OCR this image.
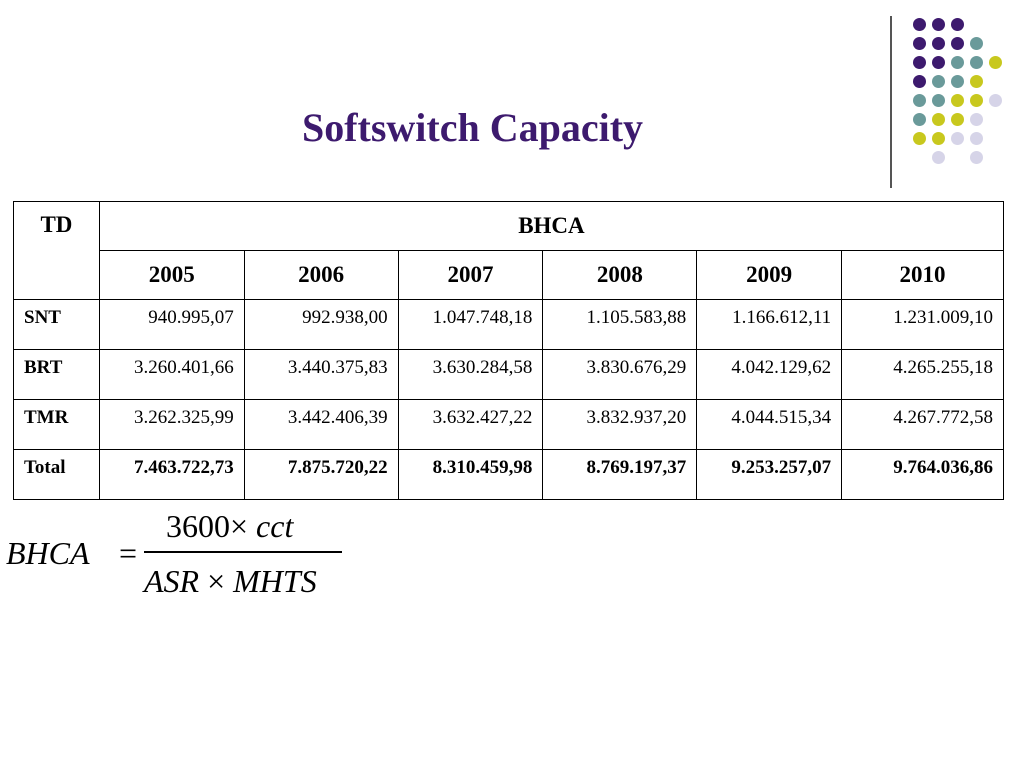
Softswitch Capacity
TD	BHCA					
	2005	2006	2007	2008	2009	2010
SNT	940.995,07	992.938,00	1.047.748,18	1.105.583,88	1.166.612,11	1.231.009,10
BRT	3.260.401,66	3.440.375,83	3.630.284,58	3.830.676,29	4.042.129,62	4.265.255,18
TMR	3.262.325,99	3.442.406,39	3.632.427,22	3.832.937,20	4.044.515,34	4.267.772,58
Total	7.463.722,73	7.875.720,22	8.310.459,98	8.769.197,37	9.253.257,07	9.764.036,86
BHCA =
3600× cct
ASR × MHTS
